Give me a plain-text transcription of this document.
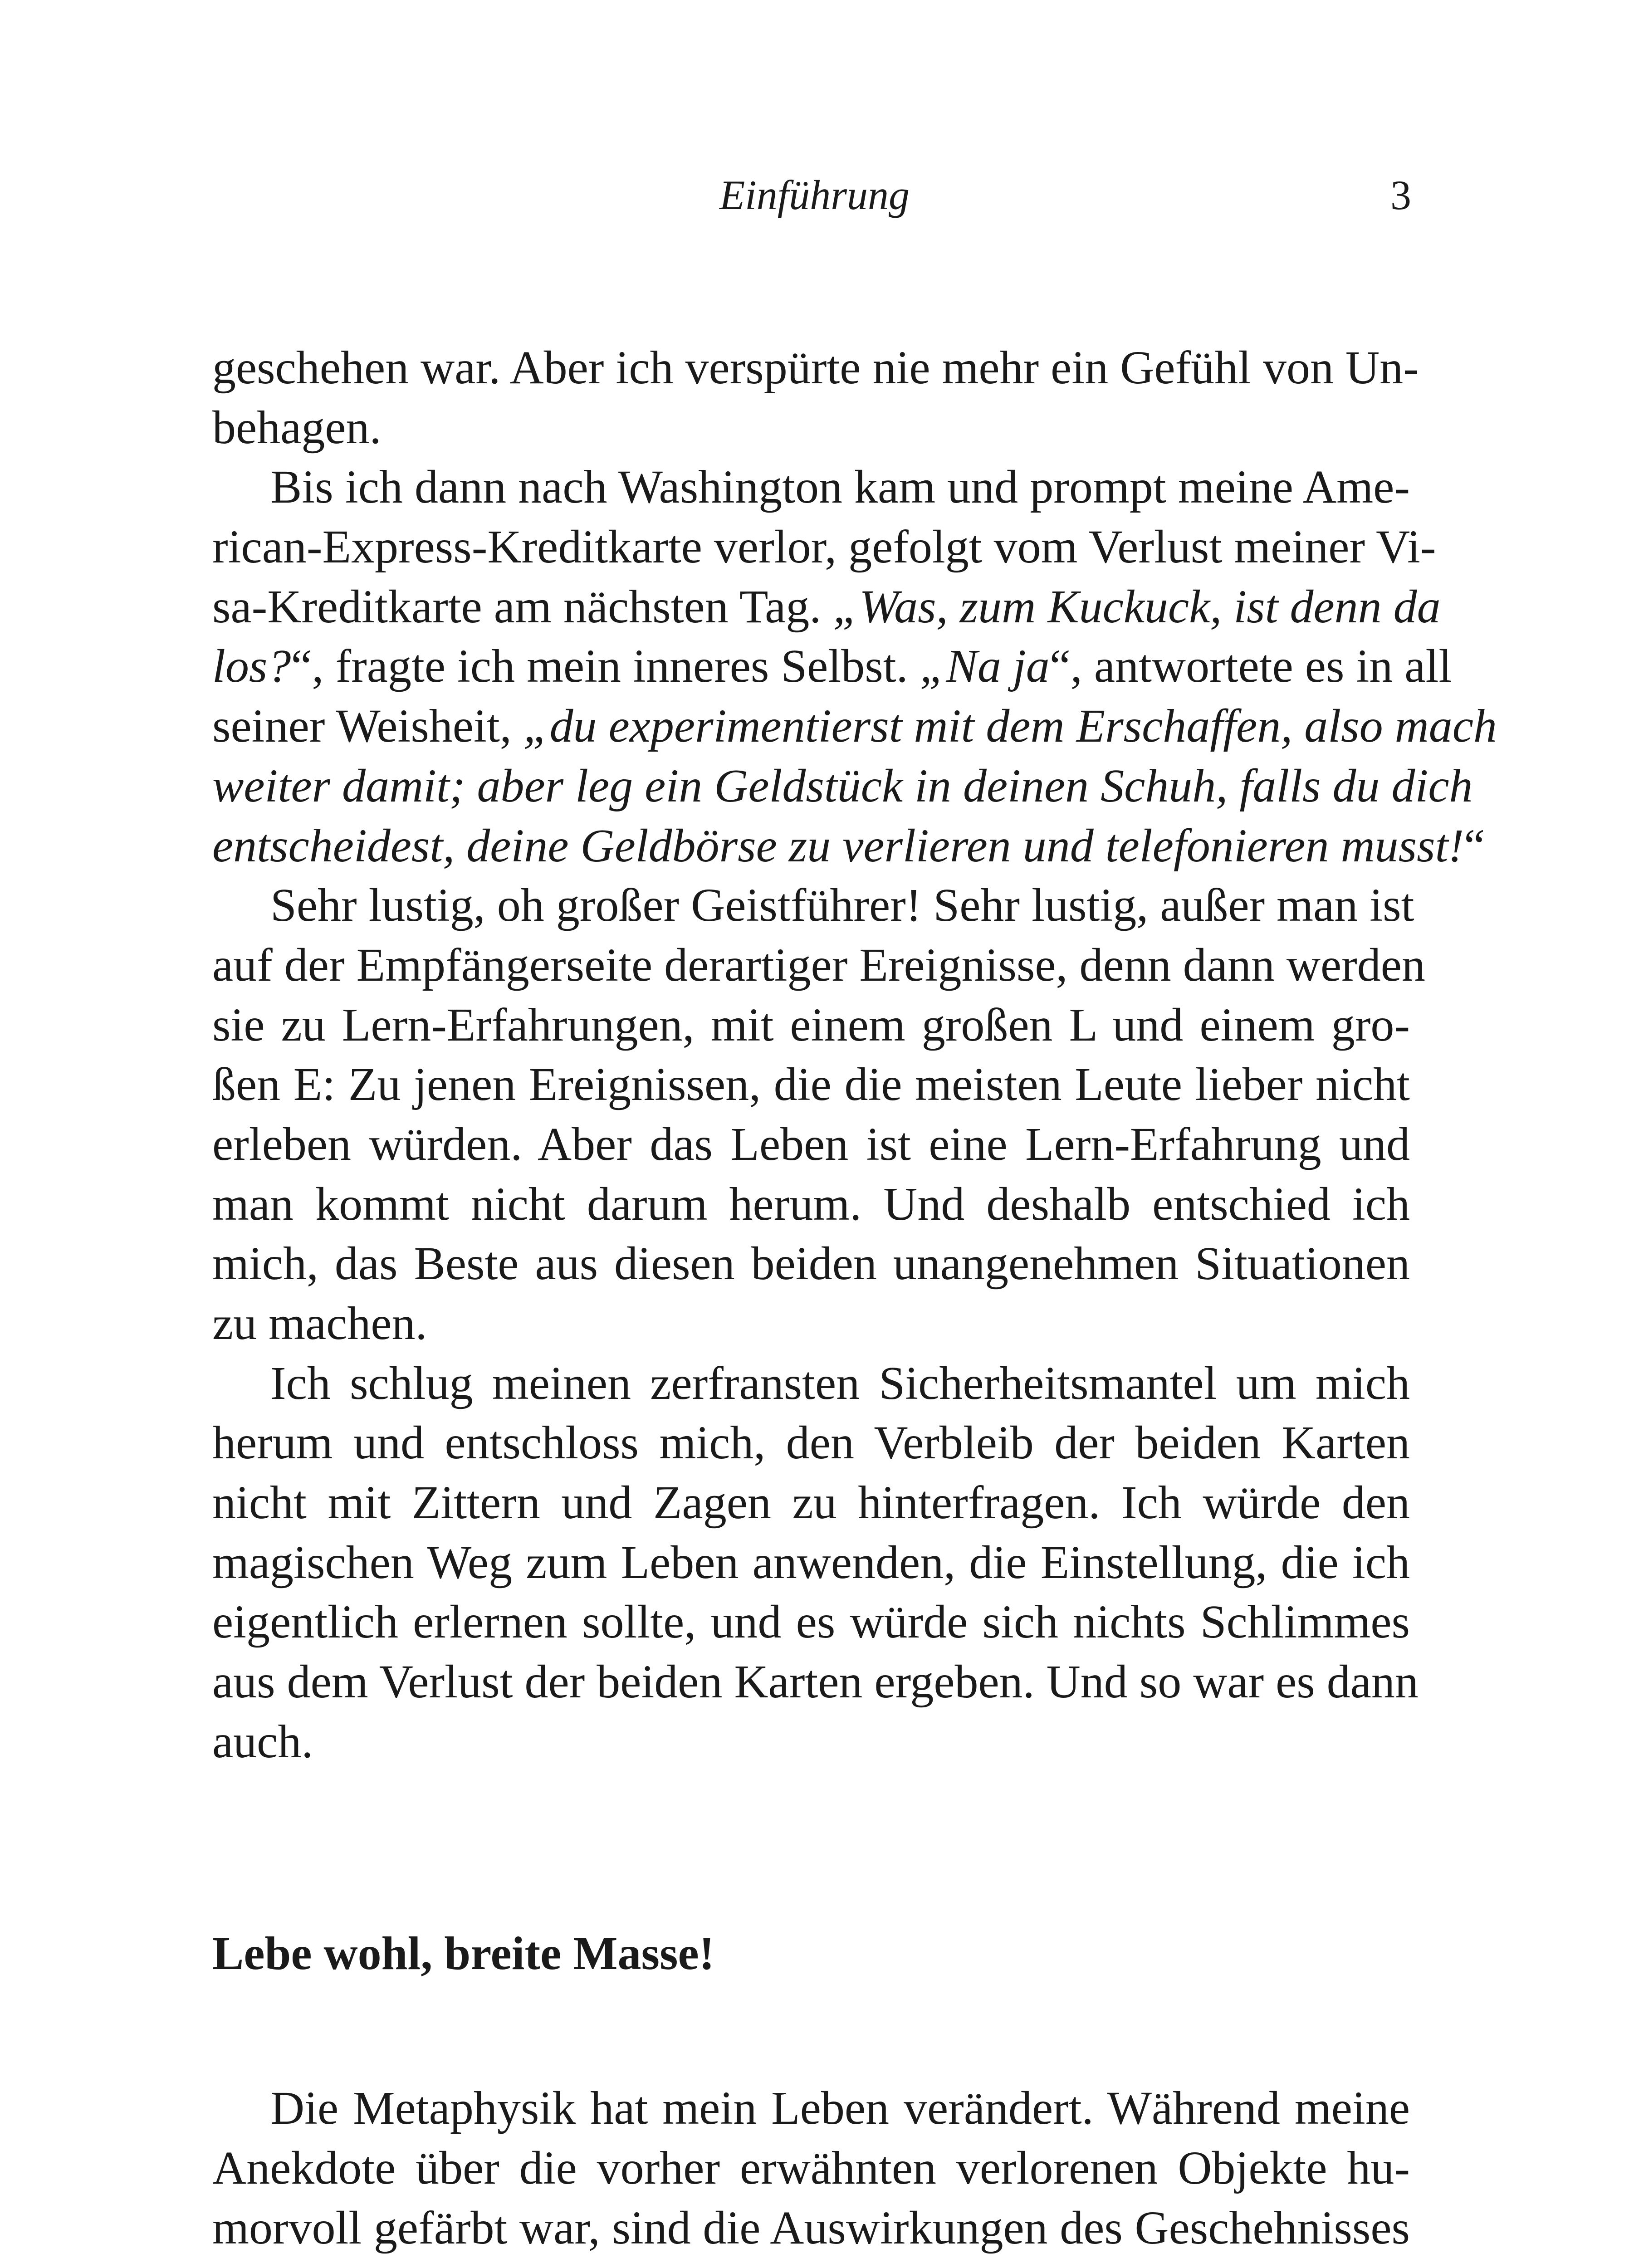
Einführung	3
geschehen war. Aber ich verspürte nie mehr ein Gefühl von Un-
behagen.
Bis ich dann nach Washington kam und prompt meine Ame-
rican-Express-Kreditkarte verlor, gefolgt vom Verlust meiner Vi-
sa-Kreditkarte am nächsten Tag. „Was, zum Kuckuck, ist denn da
los?“, fragte ich mein inneres Selbst. „Na ja“, antwortete es in all
seiner Weisheit, „du experimentierst mit dem Erschaffen, also mach
weiter damit; aber leg ein Geldstück in deinen Schuh, falls du dich
entscheidest, deine Geldbörse zu verlieren und telefonieren musst!“
Sehr lustig, oh großer Geistführer! Sehr lustig, außer man ist
auf der Empfängerseite derartiger Ereignisse, denn dann werden
sie zu Lern-Erfahrungen, mit einem großen L und einem gro-
ßen E: Zu jenen Ereignissen, die die meisten Leute lieber nicht
erleben würden. Aber das Leben ist eine Lern-Erfahrung und
man kommt nicht darum herum. Und deshalb entschied ich
mich, das Beste aus diesen beiden unangenehmen Situationen
zu machen.
Ich schlug meinen zerfransten Sicherheitsmantel um mich
herum und entschloss mich, den Verbleib der beiden Karten
nicht mit Zittern und Zagen zu hinterfragen. Ich würde den
magischen Weg zum Leben anwenden, die Einstellung, die ich
eigentlich erlernen sollte, und es würde sich nichts Schlimmes
aus dem Verlust der beiden Karten ergeben. Und so war es dann
auch.
Lebe wohl, breite Masse!
Die Metaphysik hat mein Leben verändert. Während meine
Anekdote über die vorher erwähnten verlorenen Objekte hu-
morvoll gefärbt war, sind die Auswirkungen des Geschehnisses
